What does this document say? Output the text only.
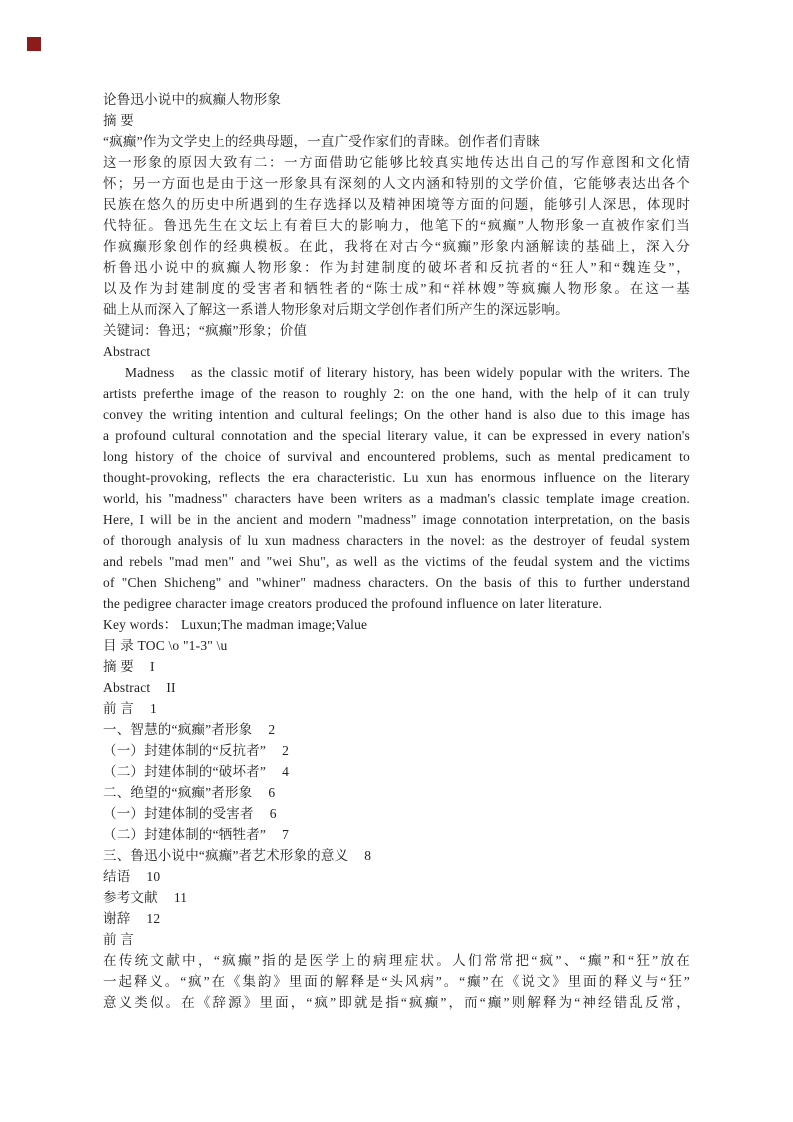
论鲁迅小说中的疯癫人物形象
摘 要
“疯癫”作为文学史上的经典母题，一直广受作家们的青睐。创作者们青睐
这一形象的原因大致有二：一方面借助它能够比较真实地传达出自己的写作意图和文化情
怀；另一方面也是由于这一形象具有深刻的人文内涵和特别的文学价值，它能够表达出各个
民族在悠久的历史中所遇到的生存选择以及精神困境等方面的问题，能够引人深思，体现时
代特征。鲁迅先生在文坛上有着巨大的影响力，他笔下的“疯癫”人物形象一直被作家们当
作疯癫形象创作的经典模板。在此，我将在对古今“疯癫”形象内涵解读的基础上，深入分
析鲁迅小说中的疯癫人物形象：作为封建制度的破坏者和反抗者的“狂人”和“魏连殳”，
以及作为封建制度的受害者和牺牲者的“陈士成”和“祥林嫂”等疯癫人物形象。在这一基
础上从而深入了解这一系谱人物形象对后期文学创作者们所产生的深远影响。
关键词：鲁迅；“疯癫”形象；价值
Abstract
Madness   as the classic motif of literary history, has been widely popular with the writers. The
artists preferthe image of the reason to roughly 2: on the one hand, with the help of it can truly
convey the writing intention and cultural feelings; On the other hand is also due to this image has
a profound cultural connotation and the special literary value, it can be expressed in every nation's
long history of the choice of survival and encountered problems, such as mental predicament to
thought-provoking, reflects the era characteristic. Lu xun has enormous influence on the literary
world, his "madness" characters have been writers as a madman's classic template image creation.
Here, I will be in the ancient and modern "madness" image connotation interpretation, on the basis
of thorough analysis of lu xun madness characters in the novel: as the destroyer of feudal system
and rebels "mad men" and "wei Shu", as well as the victims of the feudal system and the victims
of "Chen Shicheng" and "whiner" madness characters. On the basis of this to further understand
the pedigree character image creators produced the profound influence on later literature.
Key words： Luxun;The madman image;Value
目 录 TOC \o "1-3" \u
摘 要 I
Abstract II
前 言 1
一、智慧的“疯癫”者形象 2
（一）封建体制的“反抗者” 2
（二）封建体制的“破坏者” 4
二、绝望的“疯癫”者形象 6
（一）封建体制的受害者 6
（二）封建体制的“牺牲者” 7
三、鲁迅小说中“疯癫”者艺术形象的意义 8
结语 10
参考文献 11
谢辞 12
前 言
在传统文献中，“疯癫”指的是医学上的病理症状。人们常常把“疯”、“癫”和“狂”放在
一起释义。“疯”在《集韵》里面的解释是“头风病”。“癫”在《说文》里面的释义与“狂”
意义类似。在《辞源》里面，“疯”即就是指“疯癫”，而“癫”则解释为“神经错乱反常，
